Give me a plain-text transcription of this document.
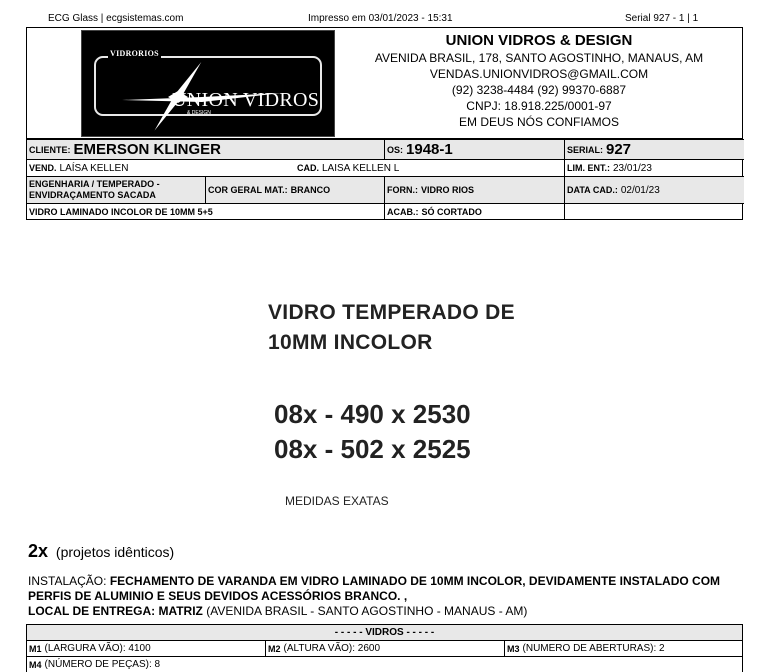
ECG Glass | ecgsistemas.com	Impresso em 03/01/2023 - 15:31	Serial 927 - 1 | 1
VIDRORIOS
UNION VIDROS
& DESIGN
UNION VIDROS & DESIGN
AVENIDA BRASIL, 178, SANTO AGOSTINHO, MANAUS, AM
VENDAS.UNIONVIDROS@GMAIL.COM
(92) 3238-4484 (92) 99370-6887
CNPJ: 18.918.225/0001-97
EM DEUS NÓS CONFIAMOS
CLIENTE: EMERSON KLINGER	OS: 1948-1	SERIAL: 927
VEND. LAÍSA KELLEN	CAD. LAISA KELLEN L	LIM. ENT.: 23/01/23
ENGENHARIA / TEMPERADO - ENVIDRAÇAMENTO SACADA	COR GERAL MAT.: BRANCO	FORN.: VIDRO RIOS	DATA CAD.: 02/01/23
VIDRO LAMINADO INCOLOR DE 10MM 5+5	ACAB.: SÓ CORTADO
VIDRO TEMPERADO DE
10MM INCOLOR
08x - 490 x 2530
08x - 502 x 2525
MEDIDAS EXATAS
2x (projetos idênticos)
INSTALAÇÃO: FECHAMENTO DE VARANDA EM VIDRO LAMINADO DE 10MM INCOLOR, DEVIDAMENTE INSTALADO COM PERFIS DE ALUMINIO E SEUS DEVIDOS ACESSÓRIOS BRANCO. ,
LOCAL DE ENTREGA: MATRIZ (AVENIDA BRASIL - SANTO AGOSTINHO - MANAUS - AM)
- - - - - VIDROS - - - - -
M1 (LARGURA VÃO): 4100	M2 (ALTURA VÃO): 2600	M3 (NUMERO DE ABERTURAS): 2
M4 (NÚMERO DE PEÇAS): 8
